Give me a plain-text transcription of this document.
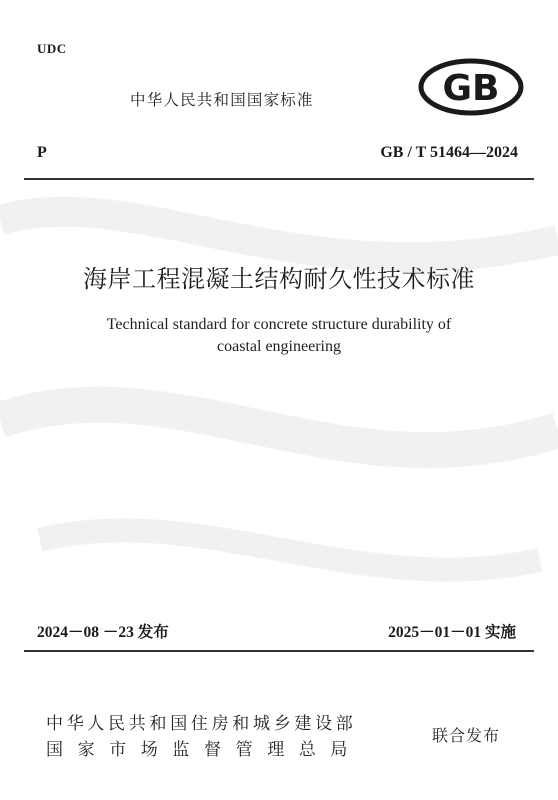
UDC
中华人民共和国国家标准	GB
P	GB / T 51464—2024
海岸工程混凝土结构耐久性技术标准
Technical standard for concrete structure durability of
coastal engineering
2024－08 －23 发布	2025－01－01 实施
中华人民共和国住房和城乡建设部
国家市场监督管理总局
联合发布
